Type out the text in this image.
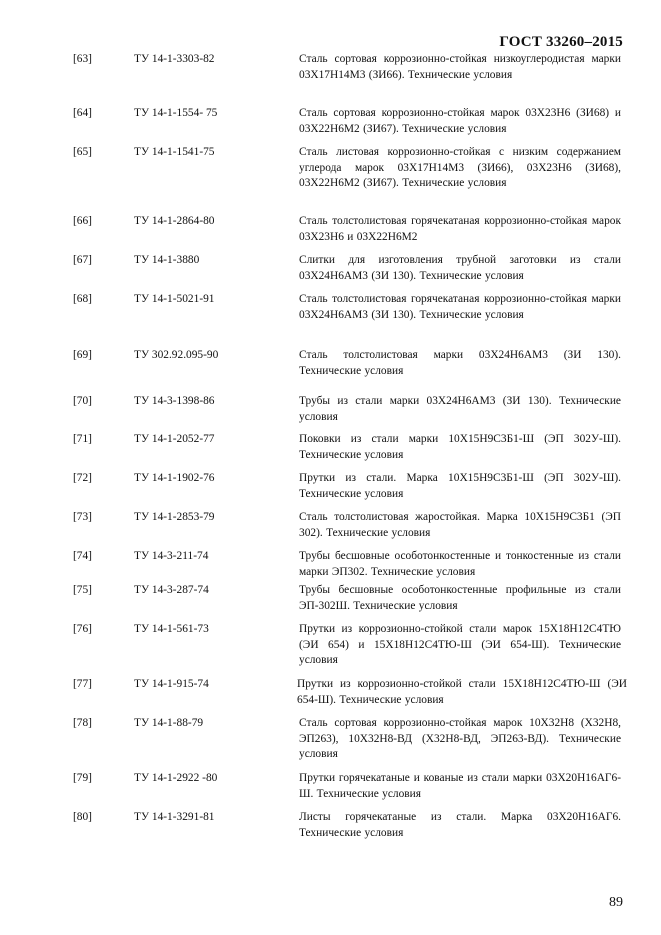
ГОСТ 33260–2015
[63]	ТУ 14-1-3303-82	Сталь сортовая коррозионно-стойкая низкоуглеродистая марки 03Х17Н14М3 (ЗИ66). Технические условия
[64]	ТУ 14-1-1554- 75	Сталь сортовая коррозионно-стойкая марок 03Х23Н6 (ЗИ68) и 03Х22Н6М2 (ЗИ67). Технические условия
[65]	ТУ 14-1-1541-75	Сталь листовая коррозионно-стойкая с низким содержанием углерода марок 03Х17Н14М3 (ЗИ66), 03Х23Н6 (ЗИ68), 03Х22Н6М2 (ЗИ67). Технические условия
[66]	ТУ 14-1-2864-80	Сталь толстолистовая горячекатаная коррозионно-стойкая марок 03Х23Н6 и 03Х22Н6М2
[67]	ТУ 14-1-3880	Слитки для изготовления трубной заготовки из стали 03Х24Н6АМ3 (ЗИ 130). Технические условия
[68]	ТУ 14-1-5021-91	Сталь толстолистовая горячекатаная коррозионно-стойкая марки 03Х24Н6АМ3 (ЗИ 130). Технические условия
[69]	ТУ 302.92.095-90	Сталь толстолистовая марки 03Х24Н6АМ3 (ЗИ 130). Технические условия
[70]	ТУ 14-3-1398-86	Трубы из стали марки 03Х24Н6АМ3 (ЗИ 130). Технические условия
[71]	ТУ 14-1-2052-77	Поковки из стали марки 10Х15Н9С3Б1-Ш (ЭП 302У-Ш). Технические условия
[72]	ТУ 14-1-1902-76	Прутки из стали. Марка 10Х15Н9С3Б1-Ш (ЭП 302У-Ш). Технические условия
[73]	ТУ 14-1-2853-79	Сталь толстолистовая жаростойкая. Марка 10Х15Н9С3Б1 (ЭП 302). Технические условия
[74]	ТУ 14-3-211-74	Трубы бесшовные особотонкостенные и тонкостенные из стали марки ЭП302. Технические условия
[75]	ТУ 14-3-287-74	Трубы бесшовные особотонкостенные профильные из стали ЭП-302Ш. Технические условия
[76]	ТУ 14-1-561-73	Прутки из коррозионно-стойкой стали марок 15Х18Н12С4ТЮ (ЭИ 654) и 15Х18Н12С4ТЮ-Ш (ЭИ 654-Ш). Технические условия
[77]	ТУ 14-1-915-74	Прутки из коррозионно-стойкой стали 15Х18Н12С4ТЮ-Ш (ЭИ 654-Ш). Технические условия
[78]	ТУ 14-1-88-79	Сталь сортовая коррозионно-стойкая марок 10Х32Н8 (Х32Н8, ЭП263), 10Х32Н8-ВД (Х32Н8-ВД, ЭП263-ВД). Технические условия
[79]	ТУ 14-1-2922 -80	Прутки горячекатаные и кованые из стали марки 03Х20Н16АГ6-Ш. Технические условия
[80]	ТУ 14-1-3291-81	Листы горячекатаные из стали. Марка 03Х20Н16АГ6. Технические условия
89
